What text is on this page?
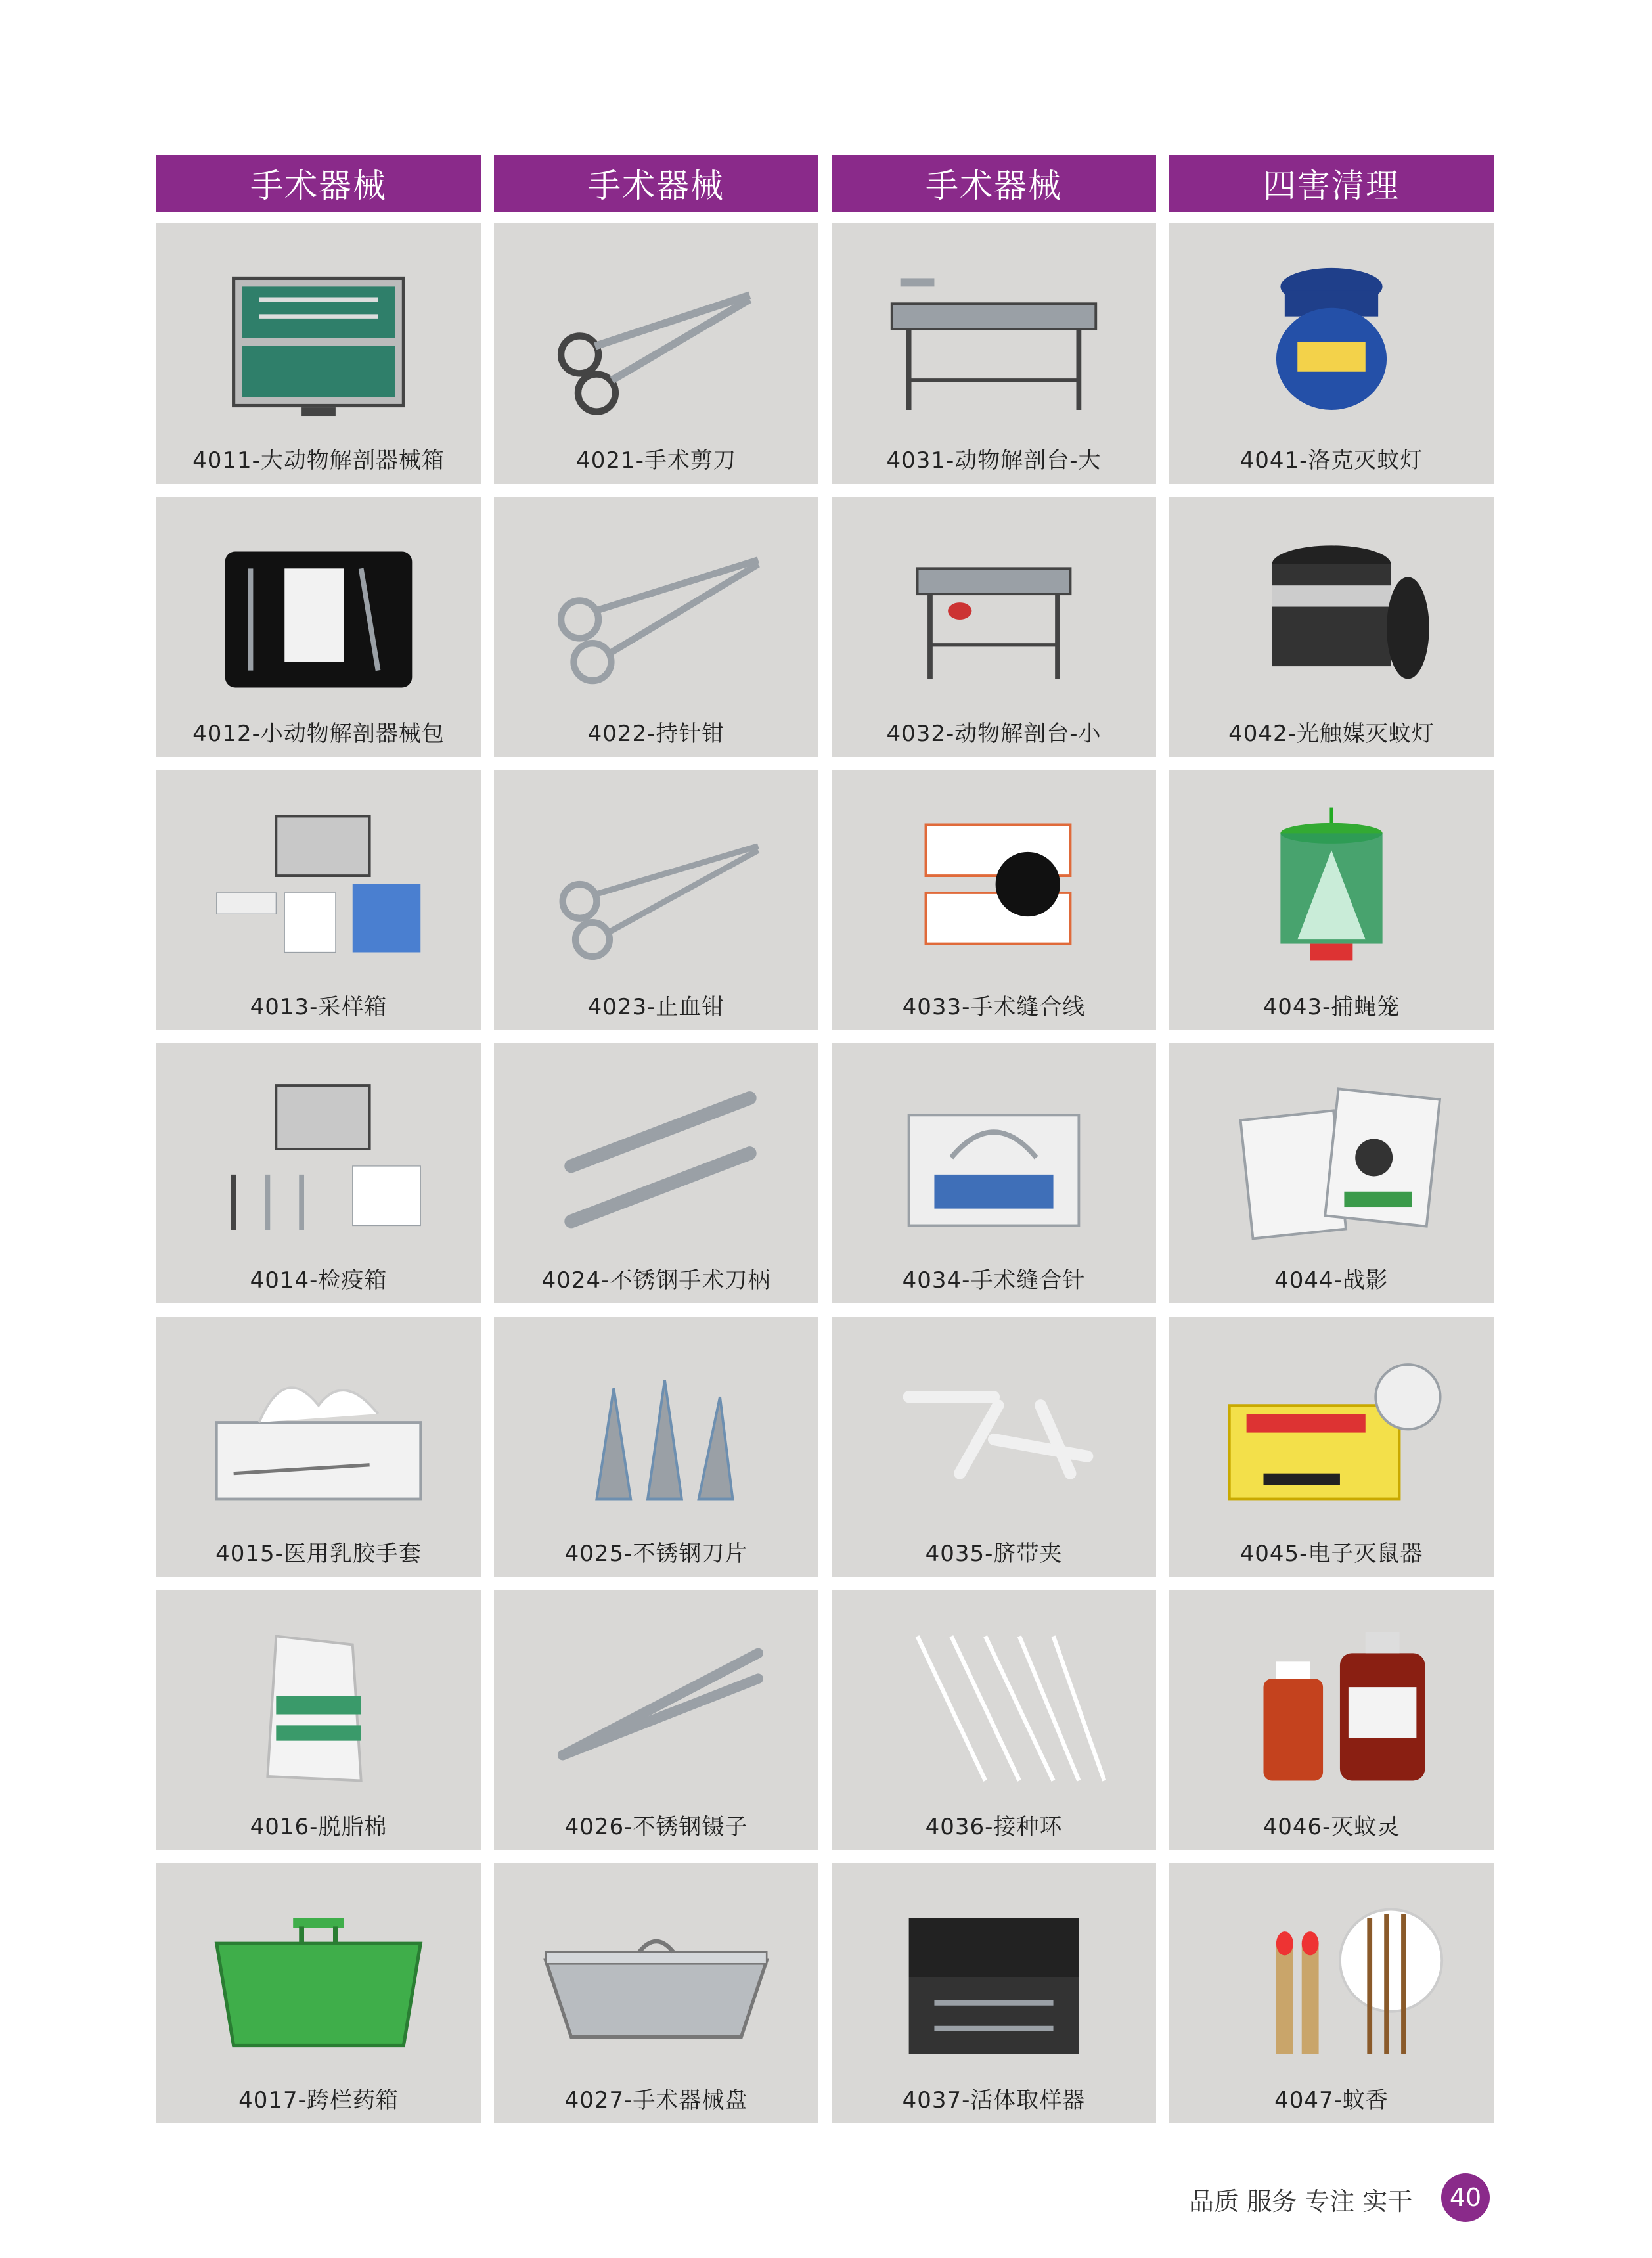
手术器械	手术器械	手术器械	四害清理
4011-大动物解剖器械箱	4021-手术剪刀	4031-动物解剖台-大	4041-洛克灭蚊灯
4012-小动物解剖器械包	4022-持针钳	4032-动物解剖台-小	4042-光触媒灭蚊灯
4013-采样箱	4023-止血钳	4033-手术缝合线	4043-捕蝇笼
4014-检疫箱	4024-不锈钢手术刀柄	4034-手术缝合针	4044-战影
4015-医用乳胶手套	4025-不锈钢刀片	4035-脐带夹	4045-电子灭鼠器
4016-脱脂棉	4026-不锈钢镊子	4036-接种环	4046-灭蚊灵
4017-跨栏药箱	4027-手术器械盘	4037-活体取样器	4047-蚊香
品质 服务 专注 实干	40
